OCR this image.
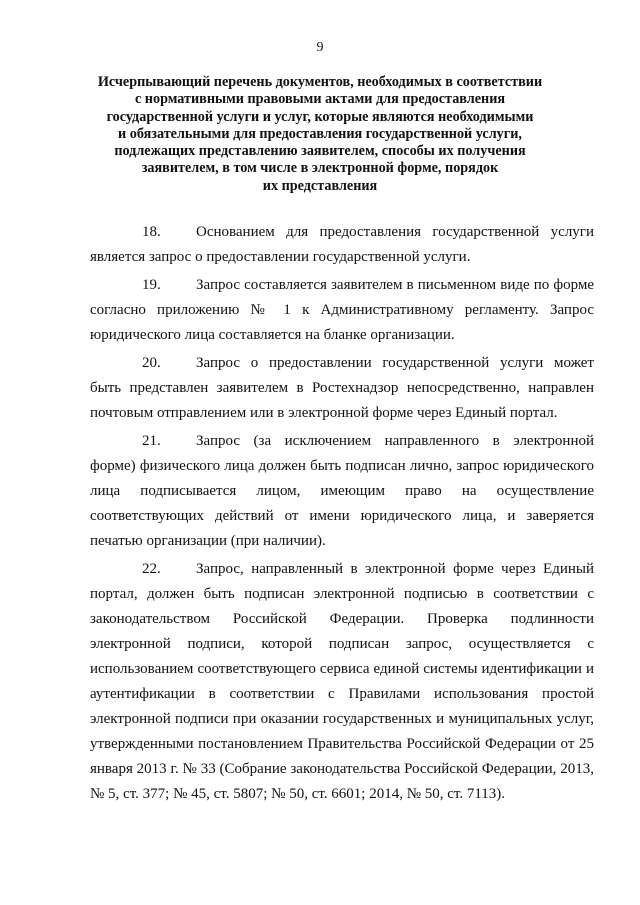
9
Исчерпывающий перечень документов, необходимых в соответствии
с нормативными правовыми актами для предоставления
государственной услуги и услуг, которые являются необходимыми
и обязательными для предоставления государственной услуги,
подлежащих представлению заявителем, способы их получения
заявителем, в том числе в электронной форме, порядок
их представления

18. Основанием для предоставления государственной услуги является запрос о предоставлении государственной услуги.

19. Запрос составляется заявителем в письменном виде по форме согласно приложению № 1 к Административному регламенту. Запрос юридического лица составляется на бланке организации.

20. Запрос о предоставлении государственной услуги может быть представлен заявителем в Ростехнадзор непосредственно, направлен почтовым отправлением или в электронной форме через Единый портал.

21. Запрос (за исключением направленного в электронной форме) физического лица должен быть подписан лично, запрос юридического лица подписывается лицом, имеющим право на осуществление соответствующих действий от имени юридического лица, и заверяется печатью организации (при наличии).

22. Запрос, направленный в электронной форме через Единый портал, должен быть подписан электронной подписью в соответствии с законодательством Российской Федерации. Проверка подлинности электронной подписи, которой подписан запрос, осуществляется с использованием соответствующего сервиса единой системы идентификации и аутентификации в соответствии с Правилами использования простой электронной подписи при оказании государственных и муниципальных услуг, утвержденными постановлением Правительства Российской Федерации от 25 января 2013 г. № 33 (Собрание законодательства Российской Федерации, 2013, № 5, ст. 377; № 45, ст. 5807; № 50, ст. 6601; 2014, № 50, ст. 7113).
